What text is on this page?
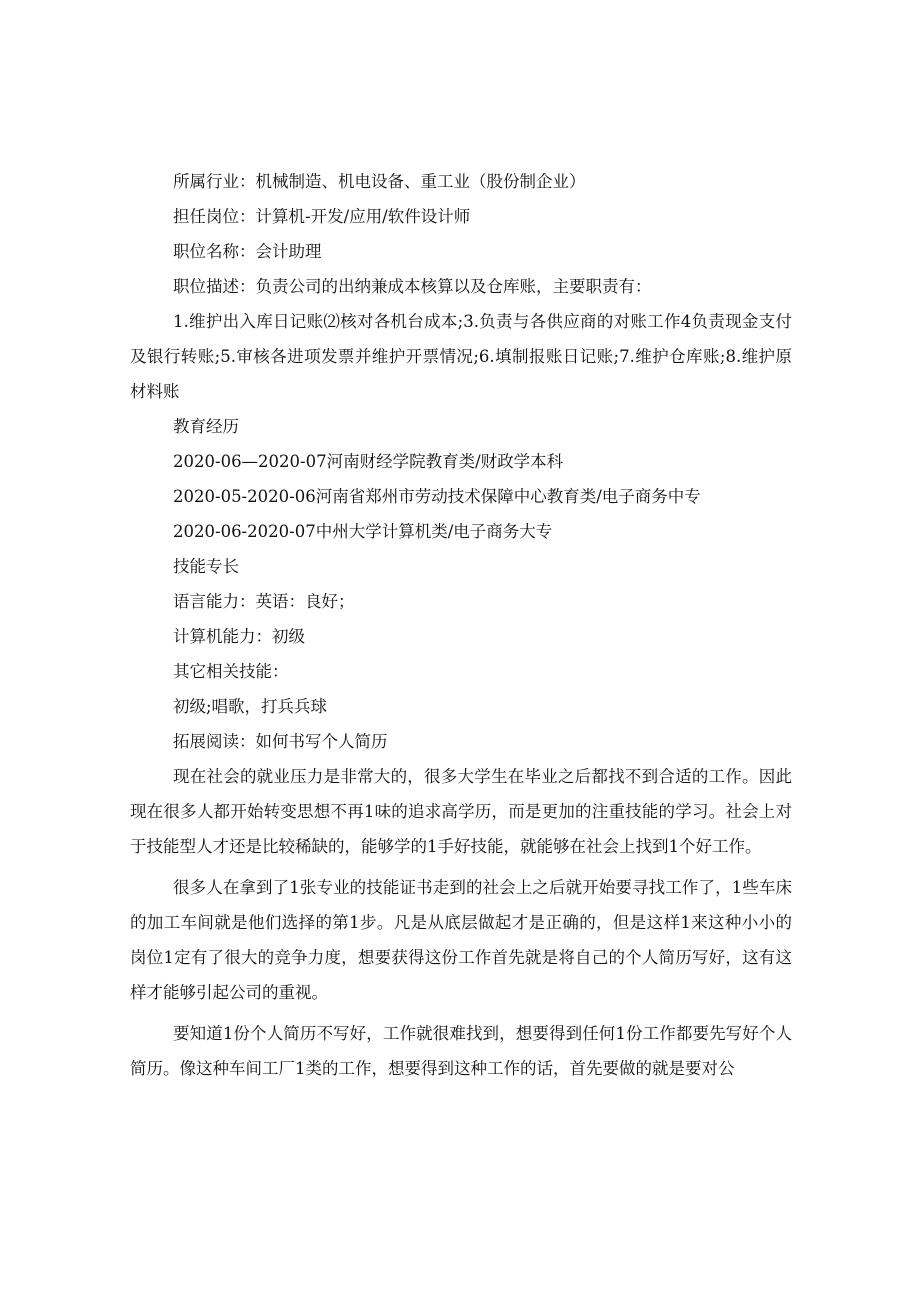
所属行业：机械制造、机电设备、重工业（股份制企业）
担任岗位：计算机-开发/应用/软件设计师
职位名称：会计助理
职位描述：负责公司的出纳兼成本核算以及仓库账，主要职责有：

1.维护出入库日记账⑵核对各机台成本;3.负责与各供应商的对账工作4负责现金支付及银行转账;5.审核各进项发票并维护开票情况;6.填制报账日记账;7.维护仓库账;8.维护原材料账

教育经历
2020-06—2020-07河南财经学院教育类/财政学本科
2020-05-2020-06河南省郑州市劳动技术保障中心教育类/电子商务中专
2020-06-2020-07中州大学计算机类/电子商务大专
技能专长
语言能力：英语：良好；
计算机能力：初级
其它相关技能：
初级;唱歌，打兵兵球
拓展阅读：如何书写个人简历

现在社会的就业压力是非常大的，很多大学生在毕业之后都找不到合适的工作。因此现在很多人都开始转变思想不再1味的追求高学历，而是更加的注重技能的学习。社会上对于技能型人才还是比较稀缺的，能够学的1手好技能，就能够在社会上找到1个好工作。

很多人在拿到了1张专业的技能证书走到的社会上之后就开始要寻找工作了，1些车床的加工车间就是他们选择的第1步。凡是从底层做起才是正确的，但是这样1来这种小小的岗位1定有了很大的竞争力度，想要获得这份工作首先就是将自己的个人简历写好，这有这样才能够引起公司的重视。

要知道1份个人简历不写好，工作就很难找到，想要得到任何1份工作都要先写好个人简历。像这种车间工厂1类的工作，想要得到这种工作的话，首先要做的就是要对公
